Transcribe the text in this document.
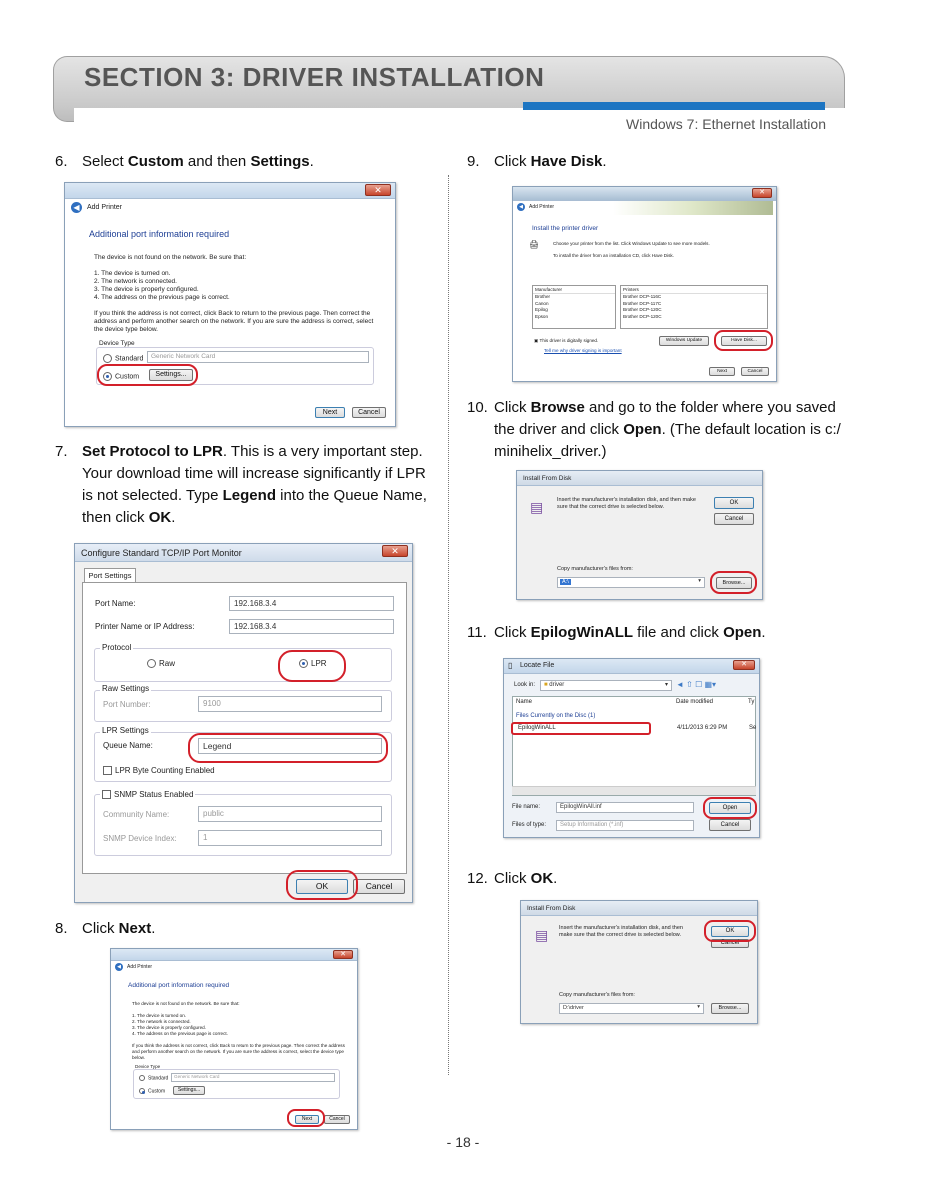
SECTION 3: DRIVER INSTALLATION
Windows 7: Ethernet Installation
6. Select Custom and then Settings.
✕
◀	Add Printer
Additional port information required
The device is not found on the network. Be sure that:
1. The device is turned on.
2. The network is connected.
3. The device is properly configured.
4. The address on the previous page is correct.
If you think the address is not correct, click Back to return to the previous page. Then correct the address and perform another search on the network. If you are sure the address is correct, select the device type below.
Device Type
Standard	Generic Network Card
Custom	Settings...
Next	Cancel
7. Set Protocol to LPR. This is a very important step.
Your download time will increase significantly if LPR
is not selected. Type Legend into the Queue Name,
then click OK.
Configure Standard TCP/IP Port Monitor	✕
Port Settings
Port Name:	192.168.3.4
Printer Name or IP Address:	192.168.3.4
Protocol
Raw	LPR
Raw Settings
Port Number:	9100
LPR Settings
Queue Name:	Legend
LPR Byte Counting Enabled
SNMP Status Enabled
Community Name:	public
SNMP Device Index:	1
OK	Cancel
8. Click Next.
✕
◀	Add Printer
Additional port information required
The device is not found on the network. Be sure that:
1. The device is turned on.
2. The network is connected.
3. The device is properly configured.
4. The address on the previous page is correct.
If you think the address is not correct, click Back to return to the previous page. Then correct the address and perform another search on the network. If you are sure the address is correct, select the device type below.
Device Type
Standard	Generic Network Card
Custom	Settings...
Next	Cancel
9. Click Have Disk.
✕
◀	Add Printer
Install the printer driver
🖨	Choose your printer from the list. Click Windows Update to see more models.
To install the driver from an installation CD, click Have Disk.
Manufacturer
Brother
Canon
Epilog
Epson
Printers
Brother DCP-116C
Brother DCP-117C
Brother DCP-120C
Brother DCP-120C
▣ This driver is digitally signed.
Tell me why driver signing is important
Windows Update	Have Disk...
Next	Cancel
10. Click Browse and go to the folder where you saved
the driver and click Open. (The default location is c:/
minihelix_driver.)
Install From Disk
▤	Insert the manufacturer's installation disk, and then make sure that the correct drive is selected below.
OK
Cancel
Copy manufacturer's files from:
A:\	▾	Browse...
11. Click EpilogWinALL file and click Open.
Locate File
▯	✕
Look in:	■ driver	▾ ◄ ⇧ ☐ ▦▾
Name	Date modified	Ty
Files Currently on the Disc (1)
EpilogWinALL	4/11/2013 6:29 PM	Se
File name:	EpilogWinAll.inf
Files of type:	Setup Information (*.inf)
Open
Cancel
12. Click OK.
Install From Disk
▤ Insert the manufacturer's installation disk, and then make sure that the correct drive is selected below.
OK
Cancel
Copy manufacturer's files from:
D:\driver	▾	Browse...
- 18 -
